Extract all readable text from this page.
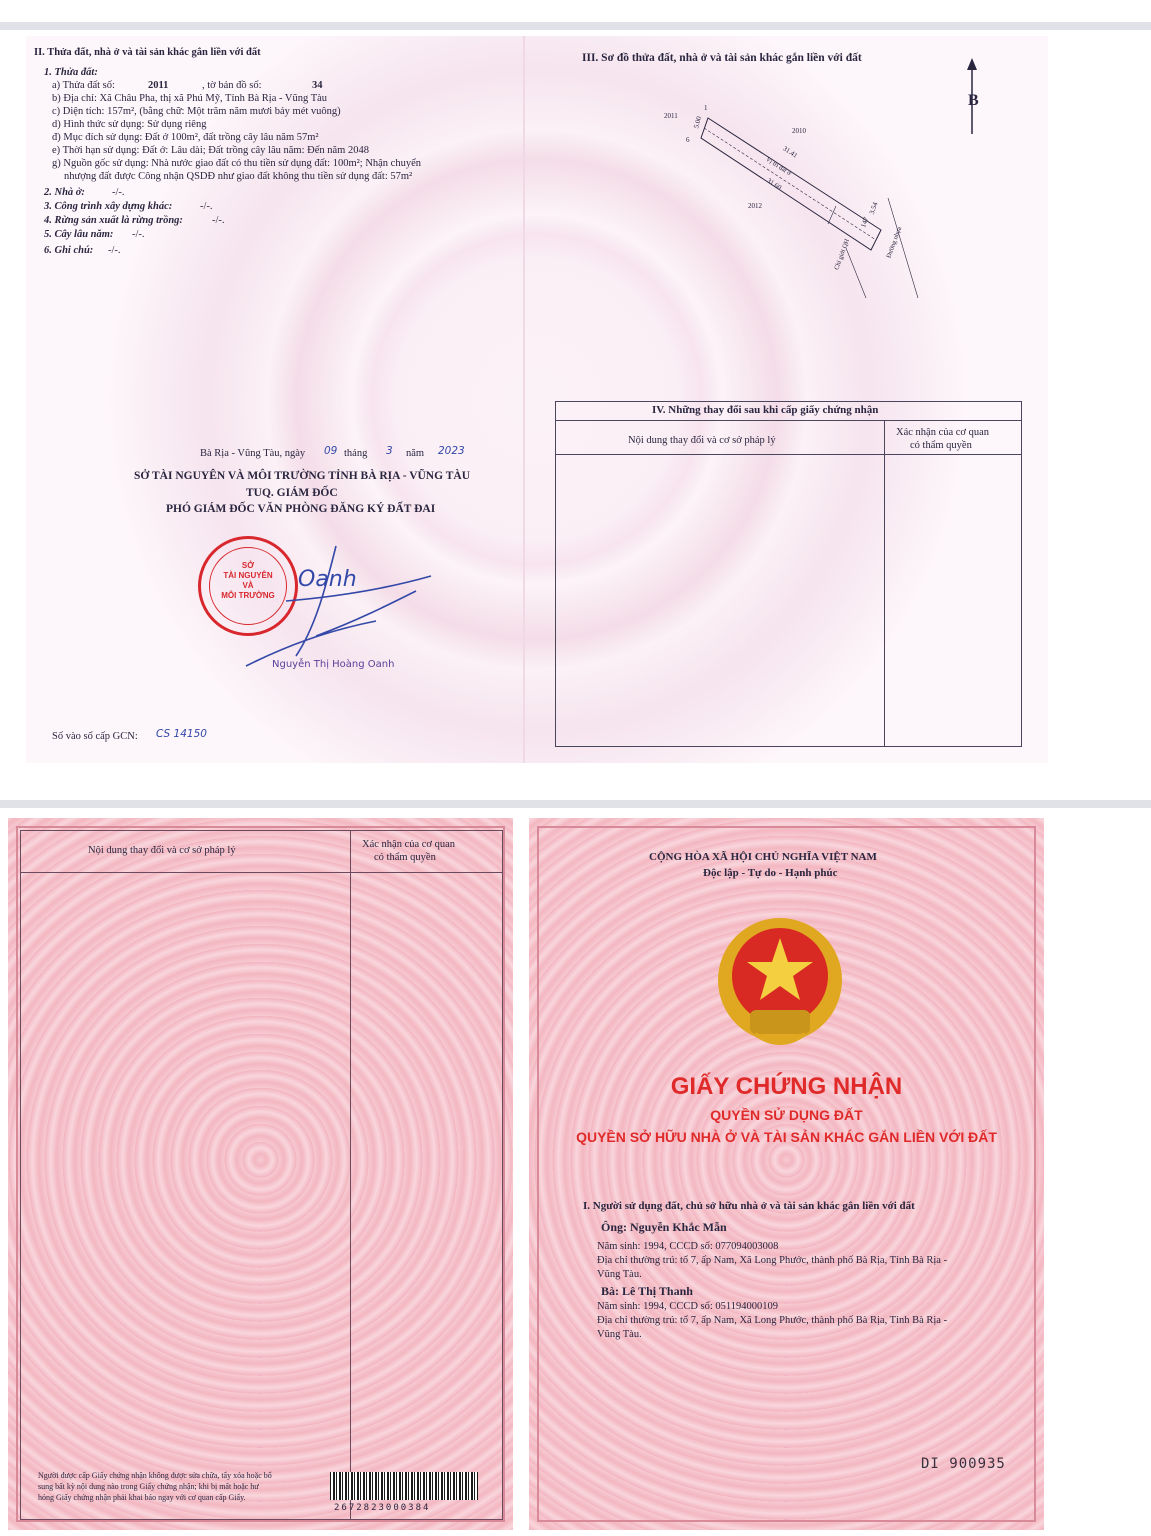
II. Thửa đất, nhà ở và tài sản khác gắn liền với đất
1. Thửa đất:
a) Thửa đất số:	2011	, tờ bản đồ số:	34
b) Địa chỉ: Xã Châu Pha, thị xã Phú Mỹ, Tỉnh Bà Rịa - Vũng Tàu
c) Diện tích: 157m², (bằng chữ: Một trăm năm mươi bảy mét vuông)
d) Hình thức sử dụng: Sử dụng riêng
đ) Mục đích sử dụng: Đất ở 100m², đất trồng cây lâu năm 57m²
e) Thời hạn sử dụng: Đất ở: Lâu dài; Đất trồng cây lâu năm: Đến năm 2048
g) Nguồn gốc sử dụng: Nhà nước giao đất có thu tiền sử dụng đất: 100m²; Nhận chuyển
nhượng đất được Công nhận QSDĐ như giao đất không thu tiền sử dụng đất: 57m²
2. Nhà ở:	-/-.
3. Công trình xây dựng khác:	-/-.
4. Rừng sản xuất là rừng trồng:	-/-.
5. Cây lâu năm: -/-.
6. Ghi chú: -/-.
Bà Rịa - Vũng Tàu, ngày 09 tháng 3 năm 2023
SỞ TÀI NGUYÊN VÀ MÔI TRƯỜNG TỈNH BÀ RỊA - VŨNG TÀU
TUQ. GIÁM ĐỐC
PHÓ GIÁM ĐỐC VĂN PHÒNG ĐĂNG KÝ ĐẤT ĐAI
SỞ
TÀI NGUYÊN
VÀ
MÔI TRƯỜNG
Oanh
Nguyễn Thị Hoàng Oanh
Số vào sổ cấp GCN: CS 14150
III. Sơ đồ thửa đất, nhà ở và tài sản khác gắn liền với đất
B
2011
2010
2012
5.00
31.41
31.60
Vị trí đất ở
147
3.54
Chỉ giới QH	Đường nhựa
1
6
IV. Những thay đổi sau khi cấp giấy chứng nhận
Nội dung thay đổi và cơ sở pháp lý
Xác nhận của cơ quan
có thẩm quyền
Nội dung thay đổi và cơ sở pháp lý
Xác nhận của cơ quan
có thẩm quyền
Người được cấp Giấy chứng nhận không được sửa chữa, tẩy xóa hoặc bổ
sung bất kỳ nội dung nào trong Giấy chứng nhận; khi bị mất hoặc hư
hỏng Giấy chứng nhận phải khai báo ngay với cơ quan cấp Giấy.
2672823000384
CỘNG HÒA XÃ HỘI CHỦ NGHĨA VIỆT NAM
Độc lập - Tự do - Hạnh phúc
GIẤY CHỨNG NHẬN
QUYỀN SỬ DỤNG ĐẤT
QUYỀN SỞ HỮU NHÀ Ở VÀ TÀI SẢN KHÁC GẮN LIỀN VỚI ĐẤT
I. Người sử dụng đất, chủ sở hữu nhà ở và tài sản khác gắn liền với đất
Ông: Nguyễn Khắc Mẫn
Năm sinh: 1994, CCCD số: 077094003008
Địa chỉ thường trú: tổ 7, ấp Nam, Xã Long Phước, thành phố Bà Rịa, Tỉnh Bà Rịa -
Vũng Tàu.
Bà: Lê Thị Thanh
Năm sinh: 1994, CCCD số: 051194000109
Địa chỉ thường trú: tổ 7, ấp Nam, Xã Long Phước, thành phố Bà Rịa, Tỉnh Bà Rịa -
Vũng Tàu.
DI 900935
